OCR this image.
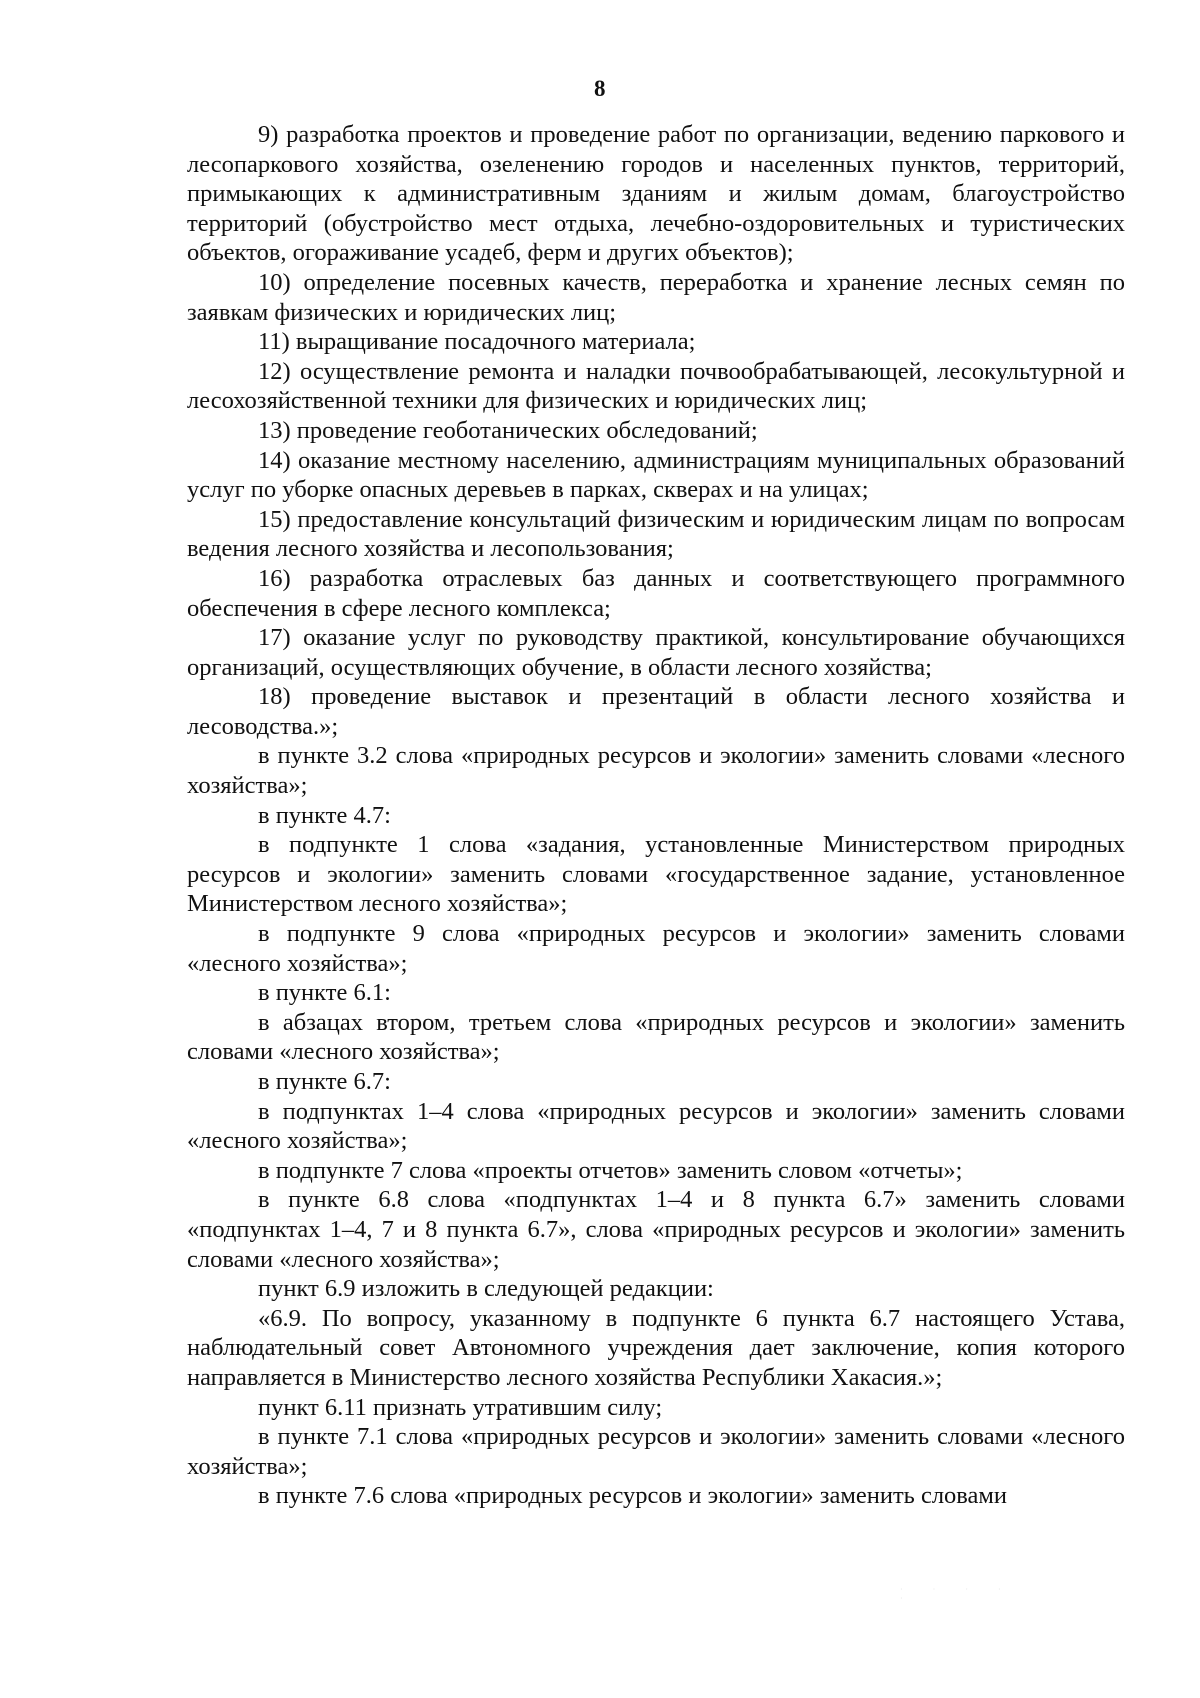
8

9) разработка проектов и проведение работ по организации, ведению паркового и лесопаркового хозяйства, озеленению городов и населенных пунктов, территорий, примыкающих к административным зданиям и жилым домам, благоустройство территорий (обустройство мест отдыха, лечебно-оздоровительных и туристических объектов, огораживание усадеб, ферм и других объектов);

10) определение посевных качеств, переработка и хранение лесных семян по заявкам физических и юридических лиц;

11) выращивание посадочного материала;

12) осуществление ремонта и наладки почвообрабатывающей, лесокультурной и лесохозяйственной техники для физических и юридических лиц;

13) проведение геоботанических обследований;

14) оказание местному населению, администрациям муниципальных образований услуг по уборке опасных деревьев в парках, скверах и на улицах;

15) предоставление консультаций физическим и юридическим лицам по вопросам ведения лесного хозяйства и лесопользования;

16) разработка отраслевых баз данных и соответствующего программного обеспечения в сфере лесного комплекса;

17) оказание услуг по руководству практикой, консультирование обучающихся организаций, осуществляющих обучение, в области лесного хозяйства;

18) проведение выставок и презентаций в области лесного хозяйства и лесоводства.»;

в пункте 3.2 слова «природных ресурсов и экологии» заменить словами «лесного хозяйства»;

в пункте 4.7:

в подпункте 1 слова «задания, установленные Министерством природных ресурсов и экологии» заменить словами «государственное задание, установленное Министерством лесного хозяйства»;

в подпункте 9 слова «природных ресурсов и экологии» заменить словами «лесного хозяйства»;

в пункте 6.1:

в абзацах втором, третьем слова «природных ресурсов и экологии» заменить словами «лесного хозяйства»;

в пункте 6.7:

в подпунктах 1–4 слова «природных ресурсов и экологии» заменить словами «лесного хозяйства»;

в подпункте 7 слова «проекты отчетов» заменить словом «отчеты»;

в пункте 6.8 слова «подпунктах 1–4 и 8 пункта 6.7» заменить словами «подпунктах 1–4, 7 и 8 пункта 6.7», слова «природных ресурсов и экологии» заменить словами «лесного хозяйства»;

пункт 6.9 изложить в следующей редакции:

«6.9. По вопросу, указанному в подпункте 6 пункта 6.7 настоящего Устава, наблюдательный совет Автономного учреждения дает заключение, копия которого направляется в Министерство лесного хозяйства Республики Хакасия.»;

пункт 6.11 признать утратившим силу;

в пункте 7.1 слова «природных ресурсов и экологии» заменить словами «лесного хозяйства»;

в пункте 7.6 слова «природных ресурсов и экологии» заменить словами

· · · · ·
